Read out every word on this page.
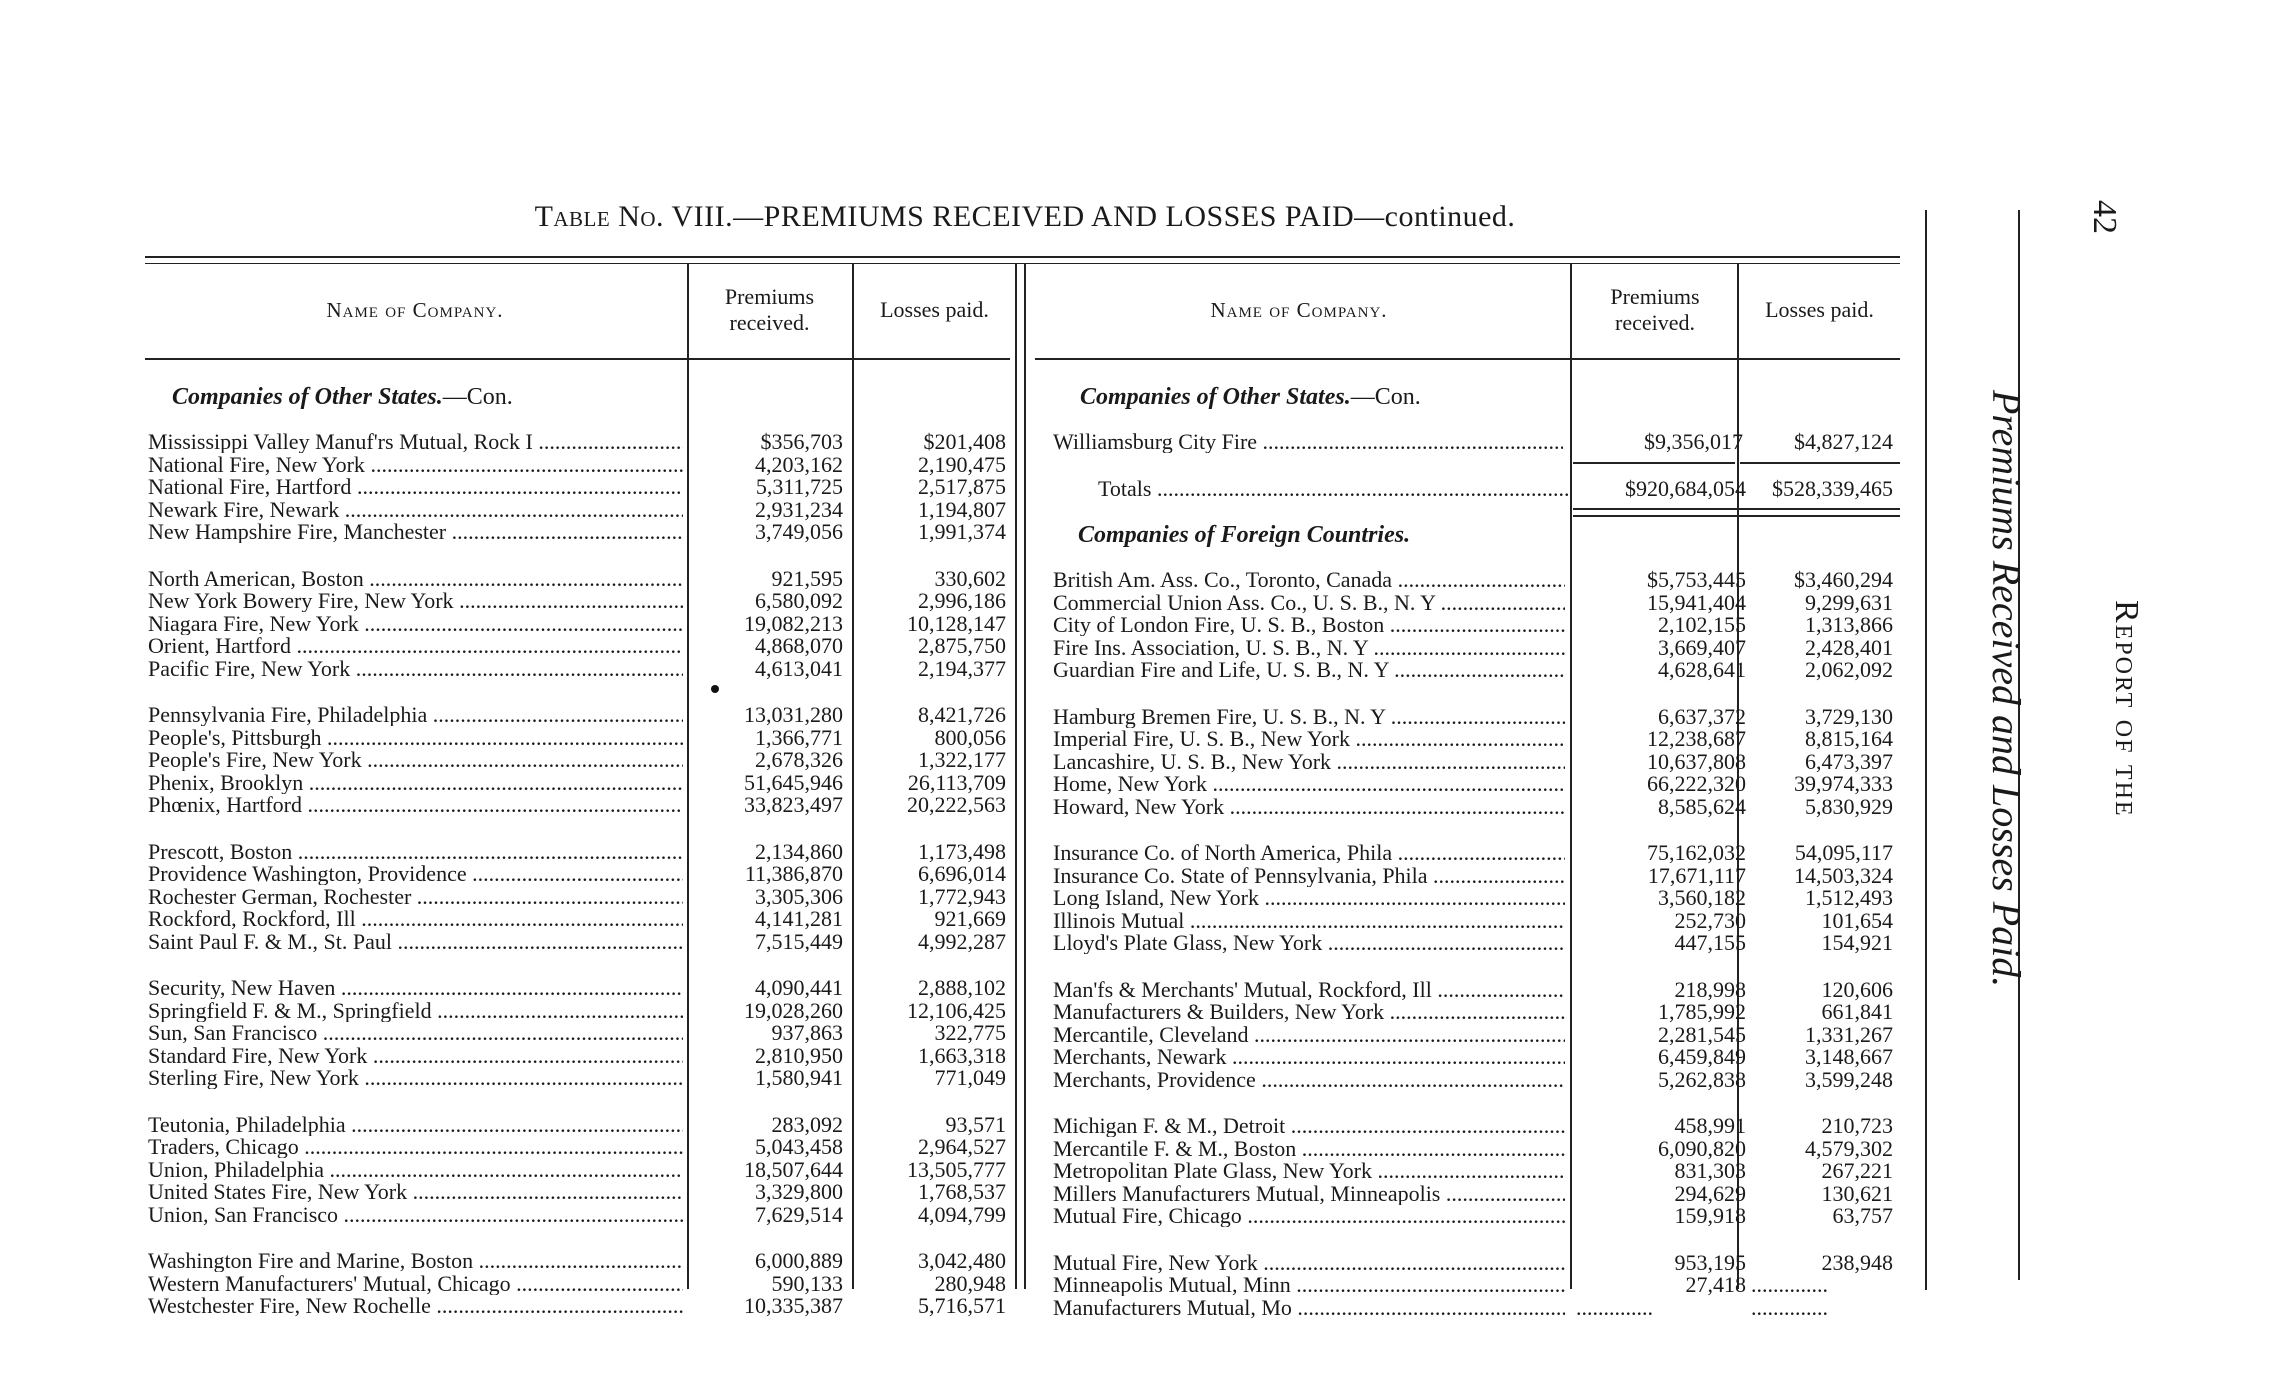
Table No. VIII.—PREMIUMS RECEIVED AND LOSSES PAID—continued.
Name of Company.
Premiums received.
Losses paid.	Name of Company.
Premiums received.
Losses paid.
Companies of Other States.—Con.	Companies of Other States.—Con.
Mississippi Valley Manuf'rs Mutual, Rock I .....	$356,703	$201,408
National Fire, New York .....	4,203,162	2,190,475
National Fire, Hartford .....	5,311,725	2,517,875
Newark Fire, Newark .....	2,931,234	1,194,807
New Hampshire Fire, Manchester .....	3,749,056	1,991,374
North American, Boston .....	921,595	330,602
New York Bowery Fire, New York .....	6,580,092	2,996,186
Niagara Fire, New York .....	19,082,213	10,128,147
Orient, Hartford .....	4,868,070	2,875,750
Pacific Fire, New York .....	4,613,041	2,194,377
Pennsylvania Fire, Philadelphia .....	13,031,280	8,421,726
People's, Pittsburgh .....	1,366,771	800,056
People's Fire, New York .....	2,678,326	1,322,177
Phenix, Brooklyn .....	51,645,946	26,113,709
Phœnix, Hartford .....	33,823,497	20,222,563
Prescott, Boston .....	2,134,860	1,173,498
Providence Washington, Providence .....	11,386,870	6,696,014
Rochester German, Rochester .....	3,305,306	1,772,943
Rockford, Rockford, Ill .....	4,141,281	921,669
Saint Paul F. & M., St. Paul .....	7,515,449	4,992,287
Security, New Haven .....	4,090,441	2,888,102
Springfield F. & M., Springfield .....	19,028,260	12,106,425
Sun, San Francisco .....	937,863	322,775
Standard Fire, New York .....	2,810,950	1,663,318
Sterling Fire, New York .....	1,580,941	771,049
Teutonia, Philadelphia .....	283,092	93,571
Traders, Chicago .....	5,043,458	2,964,527
Union, Philadelphia .....	18,507,644	13,505,777
United States Fire, New York .....	3,329,800	1,768,537
Union, San Francisco .....	7,629,514	4,094,799
Washington Fire and Marine, Boston .....	6,000,889	3,042,480
Western Manufacturers' Mutual, Chicago .....	590,133	280,948
Westchester Fire, New Rochelle .....	10,335,387	5,716,571
Williamsburg City Fire .....	$9,356,017	$4,827,124
Totals .....	$920,684,054	$528,339,465
Companies of Foreign Countries.
British Am. Ass. Co., Toronto, Canada .....	$5,753,445	$3,460,294
Commercial Union Ass. Co., U. S. B., N. Y .....	15,941,404	9,299,631
City of London Fire, U. S. B., Boston .....	2,102,155	1,313,866
Fire Ins. Association, U. S. B., N. Y .....	3,669,407	2,428,401
Guardian Fire and Life, U. S. B., N. Y .....	4,628,641	2,062,092
Hamburg Bremen Fire, U. S. B., N. Y .....	6,637,372	3,729,130
Imperial Fire, U. S. B., New York .....	12,238,687	8,815,164
Lancashire, U. S. B., New York .....	10,637,808	6,473,397
Home, New York .....	66,222,320	39,974,333
Howard, New York .....	8,585,624	5,830,929
Insurance Co. of North America, Phila .....	75,162,032	54,095,117
Insurance Co. State of Pennsylvania, Phila .....	17,671,117	14,503,324
Long Island, New York .....	3,560,182	1,512,493
Illinois Mutual .....	252,730	101,654
Lloyd's Plate Glass, New York .....	447,155	154,921
Man'fs & Merchants' Mutual, Rockford, Ill .....	218,998	120,606
Manufacturers & Builders, New York .....	1,785,992	661,841
Mercantile, Cleveland .....	2,281,545	1,331,267
Merchants, Newark .....	6,459,849	3,148,667
Merchants, Providence .....	5,262,838	3,599,248
Michigan F. & M., Detroit .....	458,991	210,723
Mercantile F. & M., Boston .....	6,090,820	4,579,302
Metropolitan Plate Glass, New York .....	831,303	267,221
Millers Manufacturers Mutual, Minneapolis .....	294,629	130,621
Mutual Fire, Chicago .....	159,918	63,757
Mutual Fire, New York .....	953,195	238,948
Minneapolis Mutual, Minn .....	27,418 ..............
Manufacturers Mutual, Mo .....	..............	..............
Premiums Received and Losses Paid. Report of the
42
